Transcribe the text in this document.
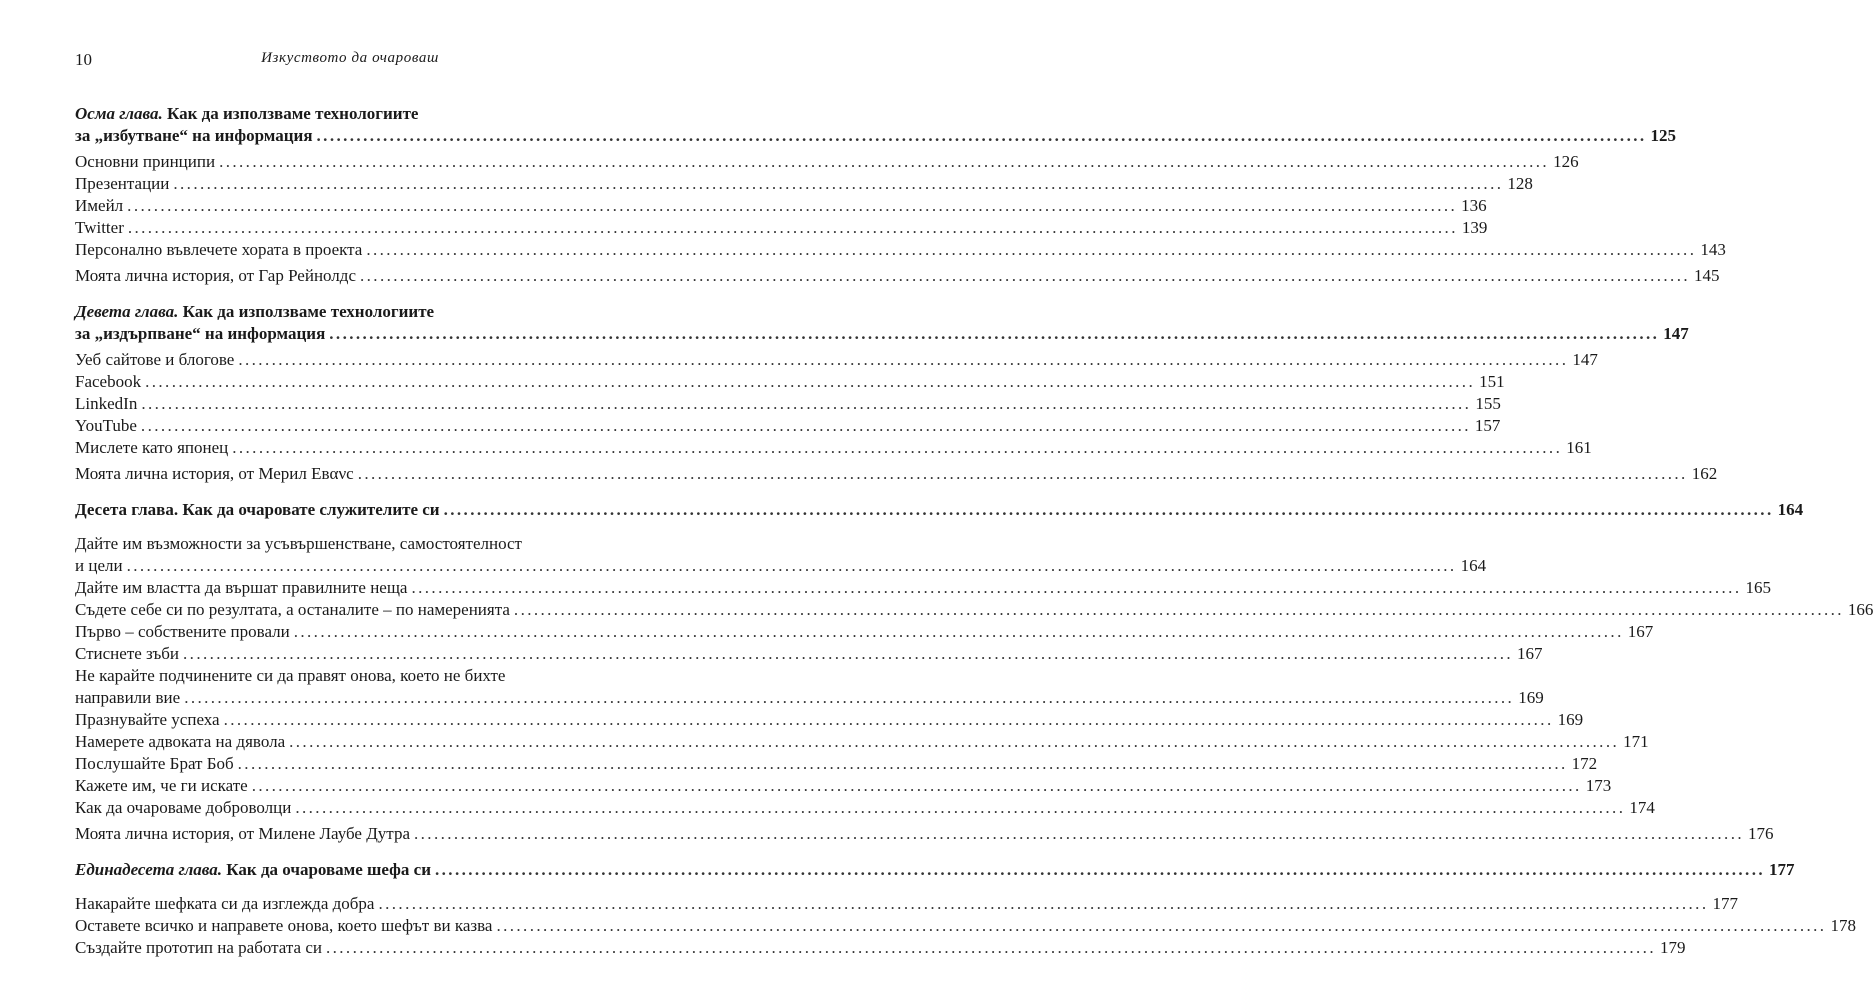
10	Изкуството да очароваш
Осма глава. Как да използваме технологиите
за „избутване“ на информация ........................................................................................................................................................................................................ 125
Основни принципи ........................................................................................................................................................................................................ 126
Презентации ........................................................................................................................................................................................................ 128
Имейл ........................................................................................................................................................................................................ 136
Twitter ........................................................................................................................................................................................................ 139
Персонално въвлечете хората в проекта ........................................................................................................................................................................................................ 143
Моята лична история, от Гар Рейнолдс ........................................................................................................................................................................................................ 145
Девета глава. Как да използваме технологиите
за „издърпване“ на информация ........................................................................................................................................................................................................ 147
Уеб сайтове и блогове ........................................................................................................................................................................................................ 147
Facebook ........................................................................................................................................................................................................ 151
LinkedIn ........................................................................................................................................................................................................ 155
YouTube ........................................................................................................................................................................................................ 157
Мислете като японец ........................................................................................................................................................................................................ 161
Моята лична история, от Мерил Евανс ........................................................................................................................................................................................................ 162
Десета глава. Как да очаровате служителите си ........................................................................................................................................................................................................ 164
Дайте им възможности за усъвършенстване, самостоятелност
и цели ........................................................................................................................................................................................................ 164
Дайте им властта да вършат правилните неща ........................................................................................................................................................................................................ 165
Съдете себе си по резултата, а останалите – по намеренията ........................................................................................................................................................................................................ 166
Първо – собствените провали ........................................................................................................................................................................................................ 167
Стиснете зъби ........................................................................................................................................................................................................ 167
Не карайте подчинените си да правят онова, което не бихте
направили вие ........................................................................................................................................................................................................ 169
Празнувайте успеха ........................................................................................................................................................................................................ 169
Намерете адвоката на дявола ........................................................................................................................................................................................................ 171
Послушайте Брат Боб ........................................................................................................................................................................................................ 172
Кажете им, че ги искате ........................................................................................................................................................................................................ 173
Как да очароваме доброволци ........................................................................................................................................................................................................ 174
Моята лична история, от Милене Лаубе Дутра ........................................................................................................................................................................................................ 176
Единадесета глава. Как да очароваме шефа си ........................................................................................................................................................................................................ 177
Накарайте шефката си да изглежда добра ........................................................................................................................................................................................................ 177
Оставете всичко и направете онова, което шефът ви казва ........................................................................................................................................................................................................ 178
Създайте прототип на работата си ........................................................................................................................................................................................................ 179
